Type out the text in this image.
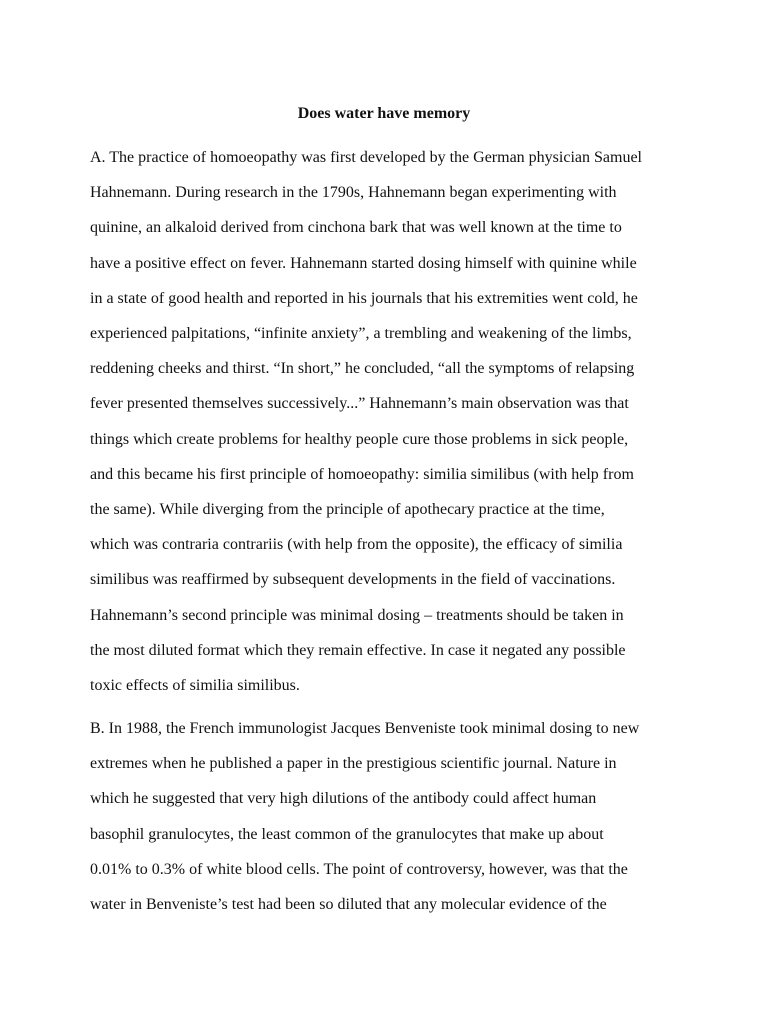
Does water have memory

A. The practice of homoeopathy was first developed by the German physician Samuel
Hahnemann. During research in the 1790s, Hahnemann began experimenting with
quinine, an alkaloid derived from cinchona bark that was well known at the time to
have a positive effect on fever. Hahnemann started dosing himself with quinine while
in a state of good health and reported in his journals that his extremities went cold, he
experienced palpitations, “infinite anxiety”, a trembling and weakening of the limbs,
reddening cheeks and thirst. “In short,” he concluded, “all the symptoms of relapsing
fever presented themselves successively...” Hahnemann’s main observation was that
things which create problems for healthy people cure those problems in sick people,
and this became his first principle of homoeopathy: similia similibus (with help from
the same). While diverging from the principle of apothecary practice at the time,
which was contraria contrariis (with help from the opposite), the efficacy of similia
similibus was reaffirmed by subsequent developments in the field of vaccinations.
Hahnemann’s second principle was minimal dosing – treatments should be taken in
the most diluted format which they remain effective. In case it negated any possible
toxic effects of similia similibus.

B. In 1988, the French immunologist Jacques Benveniste took minimal dosing to new
extremes when he published a paper in the prestigious scientific journal. Nature in
which he suggested that very high dilutions of the antibody could affect human
basophil granulocytes, the least common of the granulocytes that make up about
0.01% to 0.3% of white blood cells. The point of controversy, however, was that the
water in Benveniste’s test had been so diluted that any molecular evidence of the
